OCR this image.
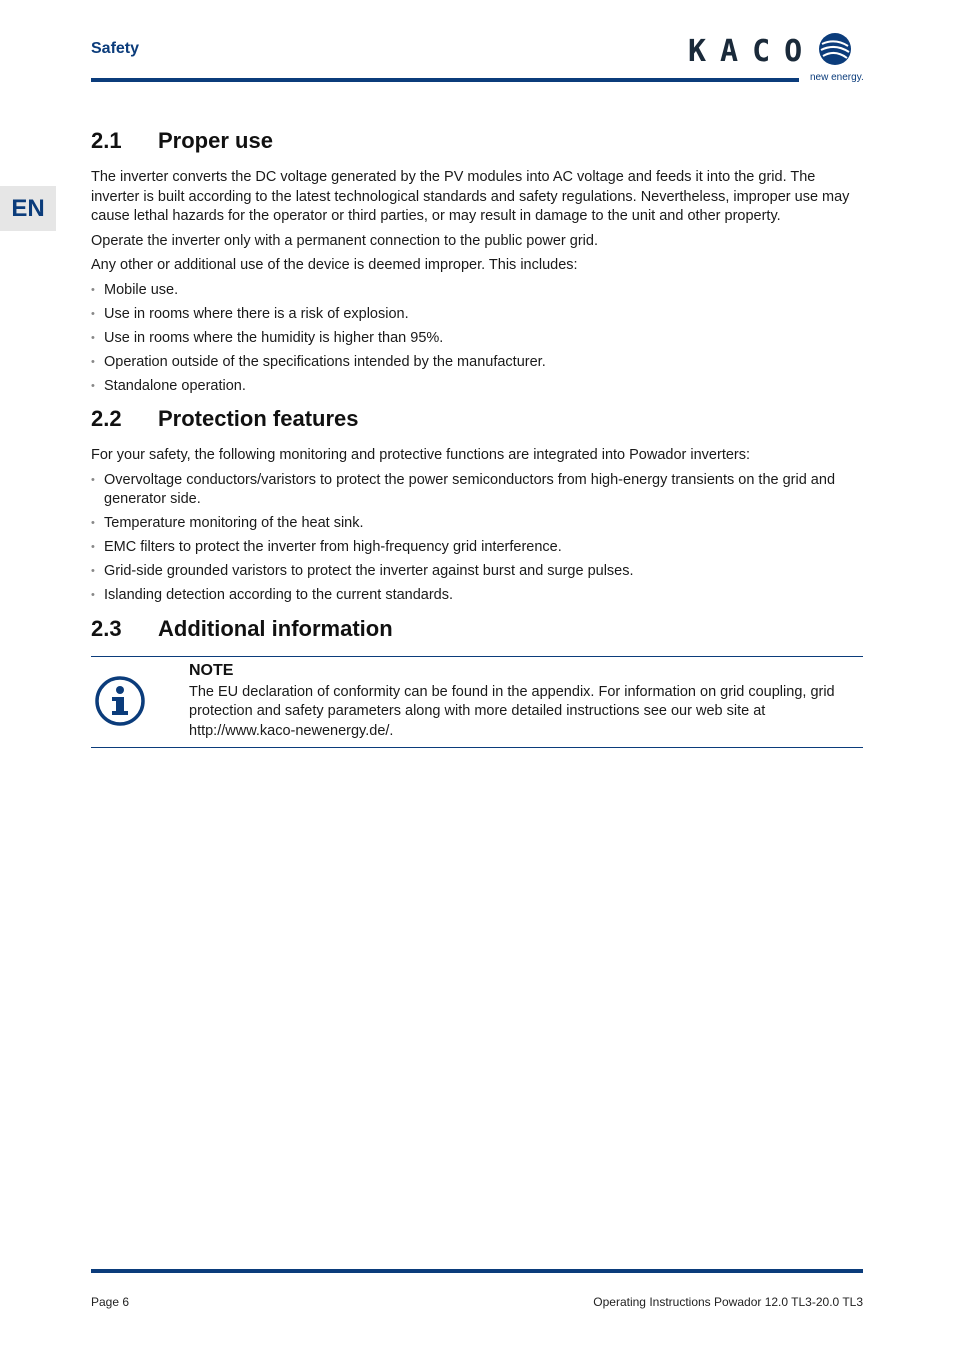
Safety	KACO
new energy.
EN
2.1	Proper use

The inverter converts the DC voltage generated by the PV modules into AC voltage and feeds it into the grid. The inverter is built according to the latest technological standards and safety regulations. Nevertheless, improper use may cause lethal hazards for the operator or third parties, or may result in damage to the unit and other property.

Operate the inverter only with a permanent connection to the public power grid.

Any other or additional use of the device is deemed improper. This includes:

• Mobile use.
• Use in rooms where there is a risk of explosion.
• Use in rooms where the humidity is higher than 95%.
• Operation outside of the specifications intended by the manufacturer.
• Standalone operation.
2.2	Protection features

For your safety, the following monitoring and protective functions are integrated into Powador inverters:

• Overvoltage conductors/varistors to protect the power semiconductors from high-energy transients on the grid and generator side.
• Temperature monitoring of the heat sink.
• EMC filters to protect the inverter from high-frequency grid interference.
• Grid-side grounded varistors to protect the inverter against burst and surge pulses.
• Islanding detection according to the current standards.
2.3	Additional information
NOTE

The EU declaration of conformity can be found in the appendix. For information on grid coupling, grid protection and safety parameters along with more detailed instructions see our web site at http://www.kaco-newenergy.de/.

Page 6	Operating Instructions Powador 12.0 TL3-20.0 TL3
